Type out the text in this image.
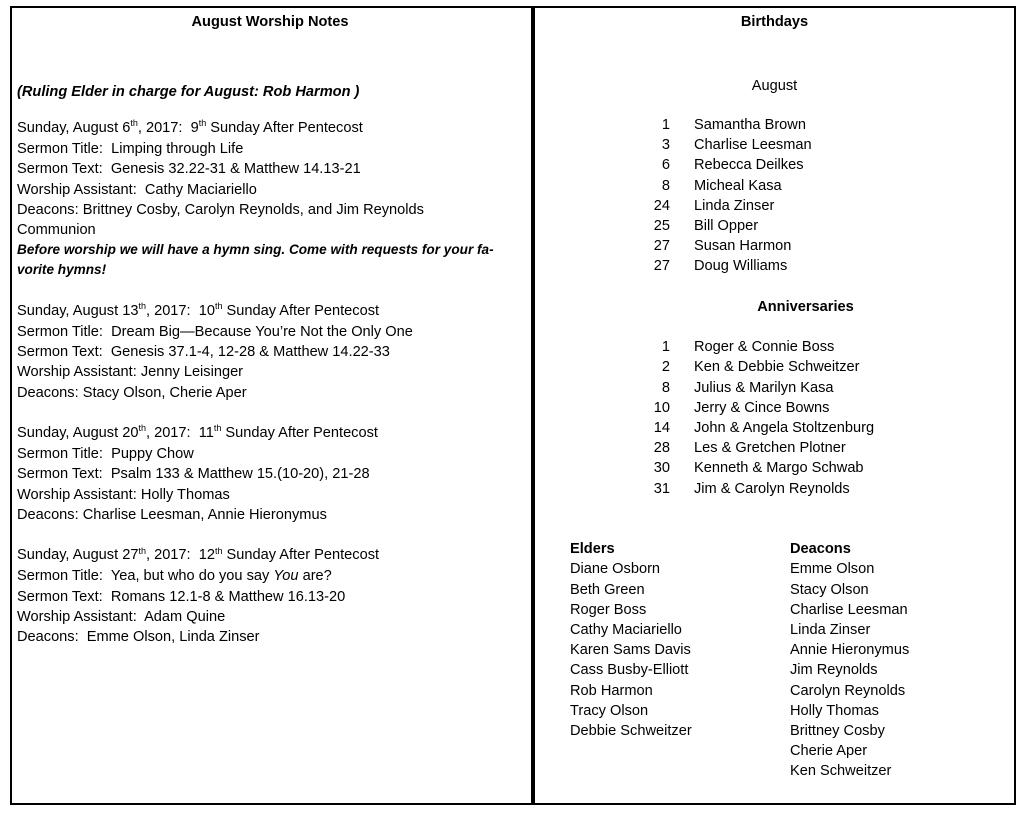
August Worship Notes
(Ruling Elder in charge for August: Rob Harmon )
Sunday, August 6th, 2017:  9th Sunday After Pentecost
Sermon Title:  Limping through Life
Sermon Text:  Genesis 32.22-31 & Matthew 14.13-21
Worship Assistant:  Cathy Maciariello
Deacons: Brittney Cosby, Carolyn Reynolds, and Jim Reynolds
Communion
Before worship we will have a hymn sing. Come with requests for your fa-
vorite hymns!
Sunday, August 13th, 2017:  10th Sunday After Pentecost
Sermon Title:  Dream Big—Because You’re Not the Only One
Sermon Text:  Genesis 37.1-4, 12-28 & Matthew 14.22-33
Worship Assistant: Jenny Leisinger
Deacons: Stacy Olson, Cherie Aper
Sunday, August 20th, 2017:  11th Sunday After Pentecost
Sermon Title:  Puppy Chow
Sermon Text:  Psalm 133 & Matthew 15.(10-20), 21-28
Worship Assistant: Holly Thomas
Deacons: Charlise Leesman, Annie Hieronymus
Sunday, August 27th, 2017:  12th Sunday After Pentecost
Sermon Title:  Yea, but who do you say You are?
Sermon Text:  Romans 12.1-8 & Matthew 16.13-20
Worship Assistant:  Adam Quine
Deacons:  Emme Olson, Linda Zinser
Birthdays
August
1 Samantha Brown
3 Charlise Leesman
6 Rebecca Deilkes
8 Micheal Kasa
24 Linda Zinser
25 Bill Opper
27 Susan Harmon
27 Doug Williams
Anniversaries
1 Roger & Connie Boss
2 Ken & Debbie Schweitzer
8 Julius & Marilyn Kasa
10 Jerry & Cince Bowns
14 John & Angela Stoltzenburg
28 Les & Gretchen Plotner
30 Kenneth & Margo Schwab
31 Jim & Carolyn Reynolds
Elders
Diane Osborn
Beth Green
Roger Boss
Cathy Maciariello
Karen Sams Davis
Cass Busby-Elliott
Rob Harmon
Tracy Olson
Debbie Schweitzer
Deacons
Emme Olson
Stacy Olson
Charlise Leesman
Linda Zinser
Annie Hieronymus
Jim Reynolds
Carolyn Reynolds
Holly Thomas
Brittney Cosby
Cherie Aper
Ken Schweitzer
